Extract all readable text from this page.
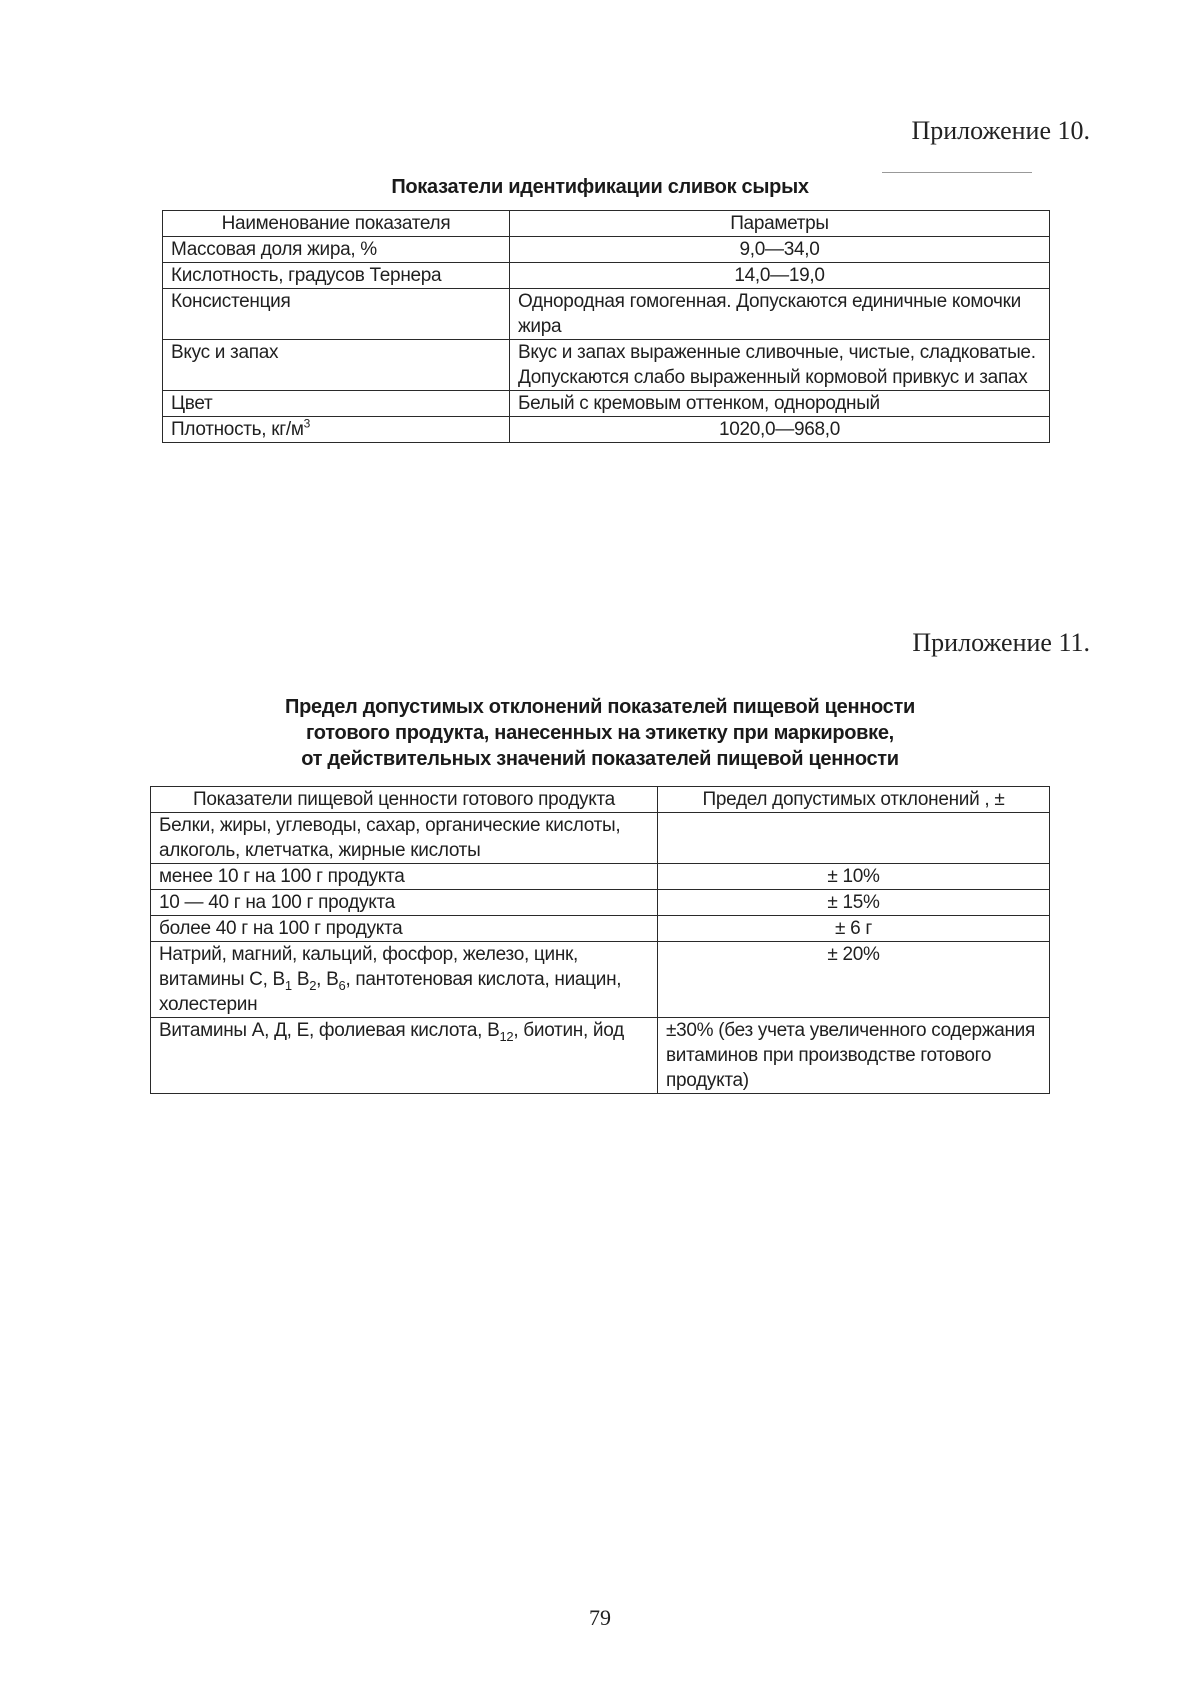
Приложение 10.
Показатели идентификации сливок сырых
Наименование показателя	Параметры
Массовая доля жира, %	9,0—34,0
Кислотность, градусов Тернера	14,0—19,0
Консистенция	Однородная гомогенная. Допускаются единичные комочки жира
Вкус и запах	Вкус и запах выраженные сливочные, чистые, сладковатые. Допускаются слабо выраженный кормовой привкус и запах
Цвет	Белый с кремовым оттенком, однородный
Плотность, $кг/м^3$	1020,0—968,0
Приложение 11.
Предел допустимых отклонений показателей пищевой ценности
готового продукта, нанесенных на этикетку при маркировке,
от действительных значений показателей пищевой ценности
Показатели пищевой ценности готового продукта	Предел допустимых отклонений , ±
Белки, жиры, углеводы, сахар, органические кислоты, алкоголь, клетчатка, жирные кислоты	
менее 10 г на 100 г продукта	± 10%
10 — 40 г на 100 г продукта	± 15%
более 40 г на 100 г продукта	± 6 г
Натрий, магний, кальций, фосфор, железо, цинк, витамины С, $В_1$ $В_2$, $В_6$, пантотеновая кислота, ниацин, холестерин	± 20%
Витамины А, Д, Е, фолиевая кислота, $В_{12}$, биотин, йод	±30% (без учета увеличенного содержания витаминов при производстве готового продукта)
79
